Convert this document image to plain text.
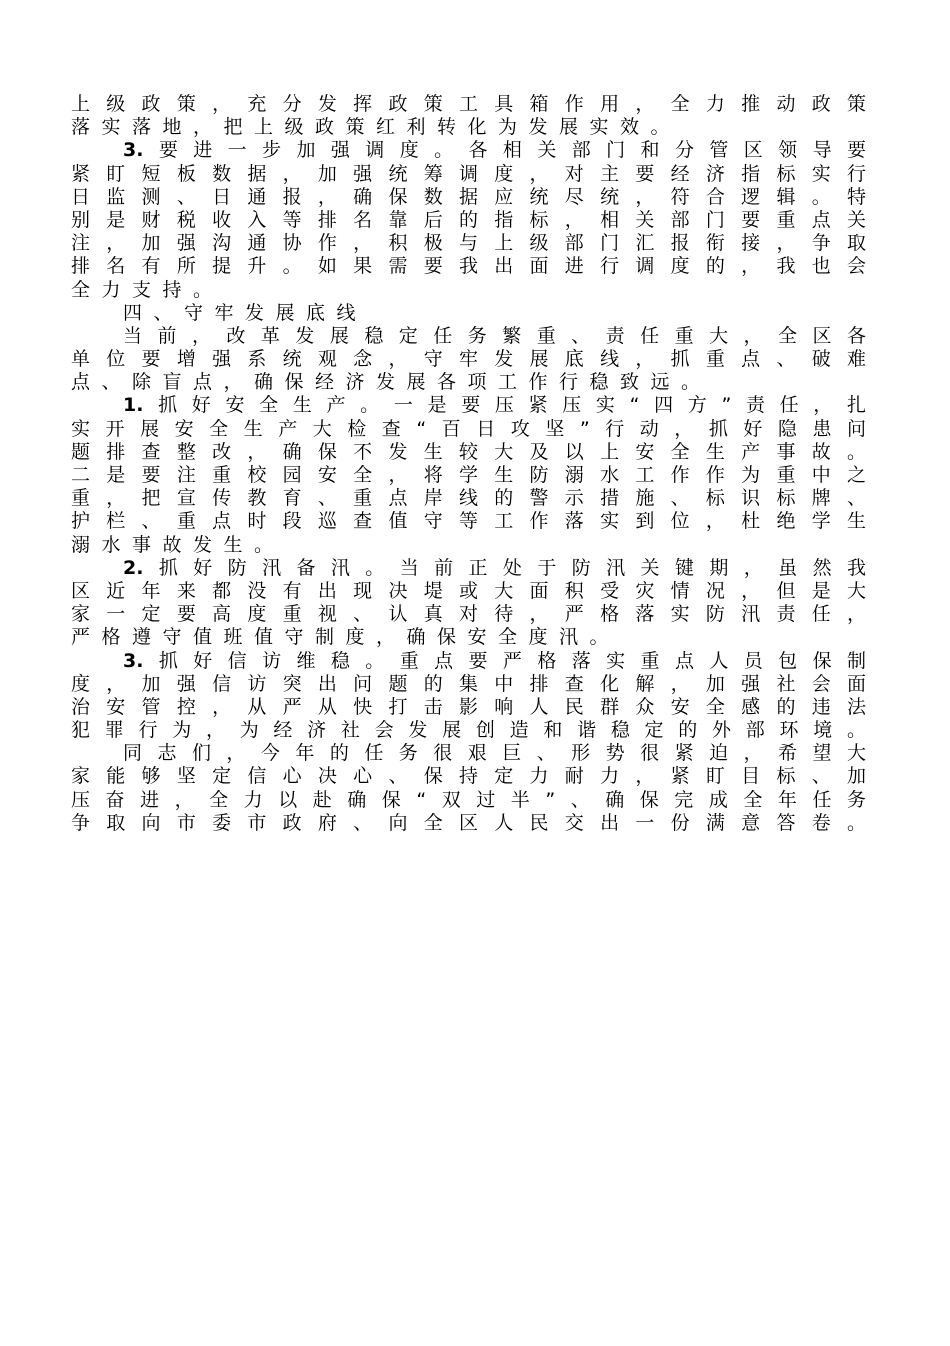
上级政策，充分发挥政策工具箱作用，全力推动政策
落实落地，把上级政策红利转化为发展实效。
3.要进一步加强调度。各相关部门和分管区领导要
紧盯短板数据，加强统筹调度，对主要经济指标实行
日监测、日通报，确保数据应统尽统，符合逻辑。特
别是财税收入等排名靠后的指标，相关部门要重点关
注，加强沟通协作，积极与上级部门汇报衔接，争取
排名有所提升。如果需要我出面进行调度的，我也会
全力支持。
四、守牢发展底线
当前，改革发展稳定任务繁重、责任重大，全区各
单位要增强系统观念，守牢发展底线，抓重点、破难
点、除盲点，确保经济发展各项工作行稳致远。
1.抓好安全生产。一是要压紧压实“四方”责任，扎
实开展安全生产大检查“百日攻坚”行动，抓好隐患问
题排查整改，确保不发生较大及以上安全生产事故。
二是要注重校园安全，将学生防溺水工作作为重中之
重，把宣传教育、重点岸线的警示措施、标识标牌、
护栏、重点时段巡查值守等工作落实到位，杜绝学生
溺水事故发生。
2.抓好防汛备汛。当前正处于防汛关键期，虽然我
区近年来都没有出现决堤或大面积受灾情况，但是大
家一定要高度重视、认真对待，严格落实防汛责任，
严格遵守值班值守制度，确保安全度汛。
3.抓好信访维稳。重点要严格落实重点人员包保制
度，加强信访突出问题的集中排查化解，加强社会面
治安管控，从严从快打击影响人民群众安全感的违法
犯罪行为，为经济社会发展创造和谐稳定的外部环境。
同志们，今年的任务很艰巨、形势很紧迫，希望大
家能够坚定信心决心、保持定力耐力，紧盯目标、加
压奋进，全力以赴确保“双过半”、确保完成全年任务
争取向市委市政府、向全区人民交出一份满意答卷。
